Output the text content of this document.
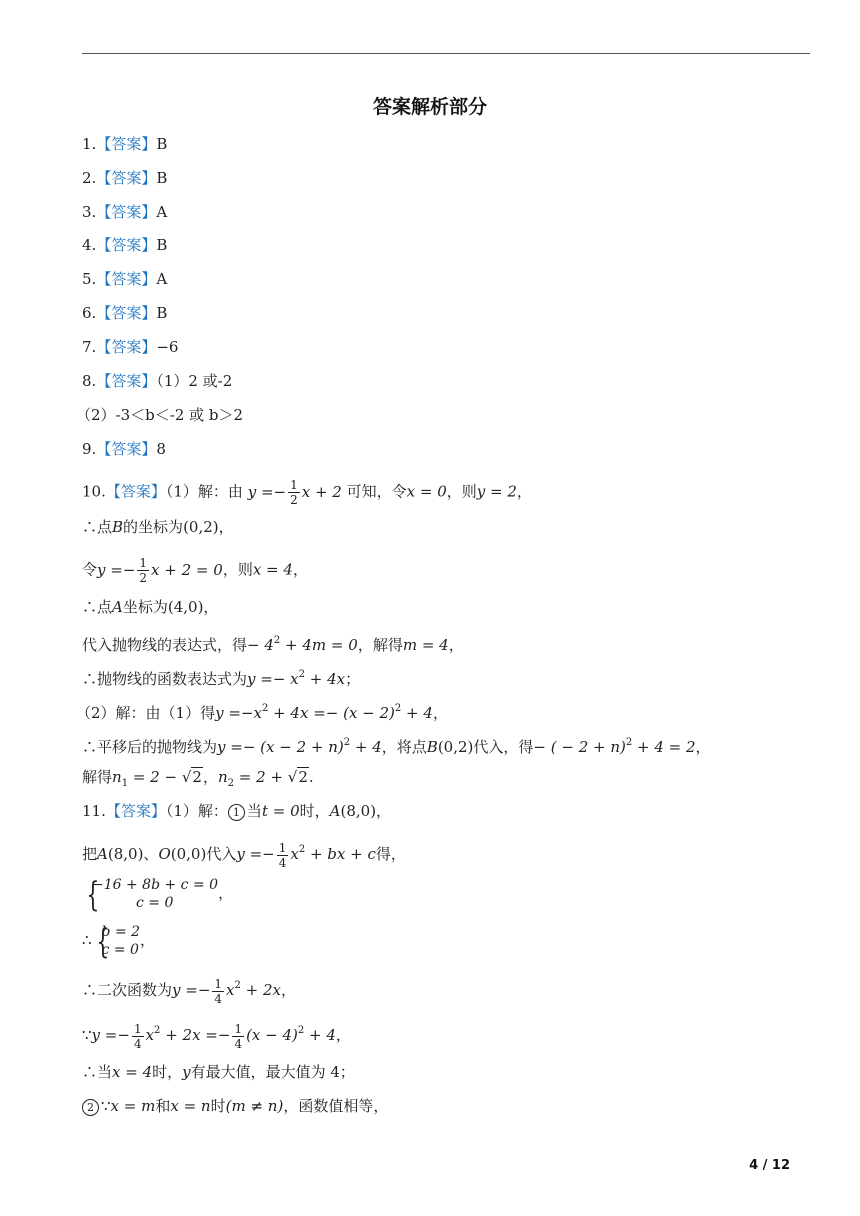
答案解析部分
1.【答案】B
2.【答案】B
3.【答案】A
4.【答案】B
5.【答案】A
6.【答案】B
7.【答案】−6
8.【答案】（1）2 或-2
（2）-3＜b＜-2 或 b＞2
9.【答案】8
10.【答案】（1）解：由 $y =- \frac{1}{2}$ x + 2 可知，令x = 0，则y = 2，
∴点B的坐标为(0,2)，
令$y =- \frac{1}{2}$ x + 2 = 0，则x = 4，
∴点A坐标为(4,0)，
代入抛物线的表达式，得− $4^2 + 4m = 0$，解得m = 4，
∴抛物线的函数表达式为$y =- x^2 + 4x$；
（2）解：由（1）得$y =-x^2 + 4x =- (x - 2)^2 + 4$，
∴平移后的抛物线为$y =- (x - 2 + n)^2 + 4$，将点B(0,2)代入，得− ( − 2 + n)$^2$ + 4 = 2，
解得$n_1 = 2 - √2$，$n_2 = 2 + √2$.
11.【答案】（1）解： 1 当t = 0时，A(8,0)，
把A(8,0)、O(0,0)代入$y =- \frac{1}{4} x^2$ + bx + c得，
{
−16 + 8b + c = 0
c = 0
，
∴ {
b = 2
c = 0
，
∴二次函数为$y =- \frac{1}{4} x^2 + 2x$，
∵y =− $\frac{1}{4} x^2 + 2x =- \frac{1}{4} (x - 4)^2 + 4$，
∴当x = 4时，y有最大值，最大值为 4；
2 ∵x = m和x = n时(m ≠ n)，函数值相等，
4 / 12
